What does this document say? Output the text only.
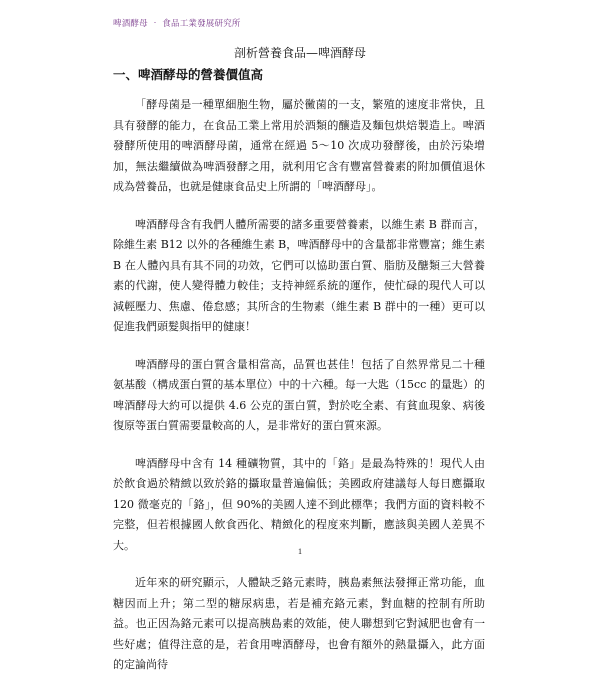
啤酒酵母 ‧ 食品工業發展研究所
剖析營養食品—啤酒酵母
一、啤酒酵母的營養價值高

「酵母菌是一種單細胞生物，屬於黴菌的一支，繁殖的速度非常快，且具有發酵的能力，在食品工業上常用於酒類的釀造及麵包烘焙製造上。啤酒發酵所使用的啤酒酵母菌，通常在經過 5～10 次成功發酵後，由於污染增加，無法繼續做為啤酒發酵之用，就利用它含有豐富營養素的附加價值退休成為營養品，也就是健康食品史上所謂的「啤酒酵母」。

啤酒酵母含有我們人體所需要的諸多重要營養素，以維生素 B 群而言，除維生素 B12 以外的各種維生素 B，啤酒酵母中的含量都非常豐富；維生素 B 在人體內具有其不同的功效，它們可以協助蛋白質、脂肪及醣類三大營養素的代謝，使人變得體力較佳；支持神經系統的運作，使忙碌的現代人可以減輕壓力、焦慮、倦怠感；其所含的生物素（維生素 B 群中的一種）更可以促進我們頭髮與指甲的健康！

啤酒酵母的蛋白質含量相當高，品質也甚佳！包括了自然界常見二十種氨基酸（構成蛋白質的基本單位）中的十六種。每一大匙（15cc 的量匙）的啤酒酵母大約可以提供 4.6 公克的蛋白質，對於吃全素、有貧血現象、病後復原等蛋白質需要量較高的人，是非常好的蛋白質來源。

啤酒酵母中含有 14 種礦物質，其中的「鉻」是最為特殊的！現代人由於飲食過於精緻以致於鉻的攝取量普遍偏低；美國政府建議每人每日應攝取 120 微毫克的「鉻」，但 90%的美國人達不到此標準；我們方面的資料較不完整，但若根據國人飲食西化、精緻化的程度來判斷，應該與美國人差異不大。

近年來的研究顯示，人體缺乏鉻元素時，胰島素無法發揮正常功能，血糖因而上升；第二型的糖尿病患，若是補充鉻元素，對血糖的控制有所助益。也正因為鉻元素可以提高胰島素的效能，使人聯想到它對減肥也會有一些好處；值得注意的是，若食用啤酒酵母，也會有額外的熱量攝入，此方面的定論尚待

1
